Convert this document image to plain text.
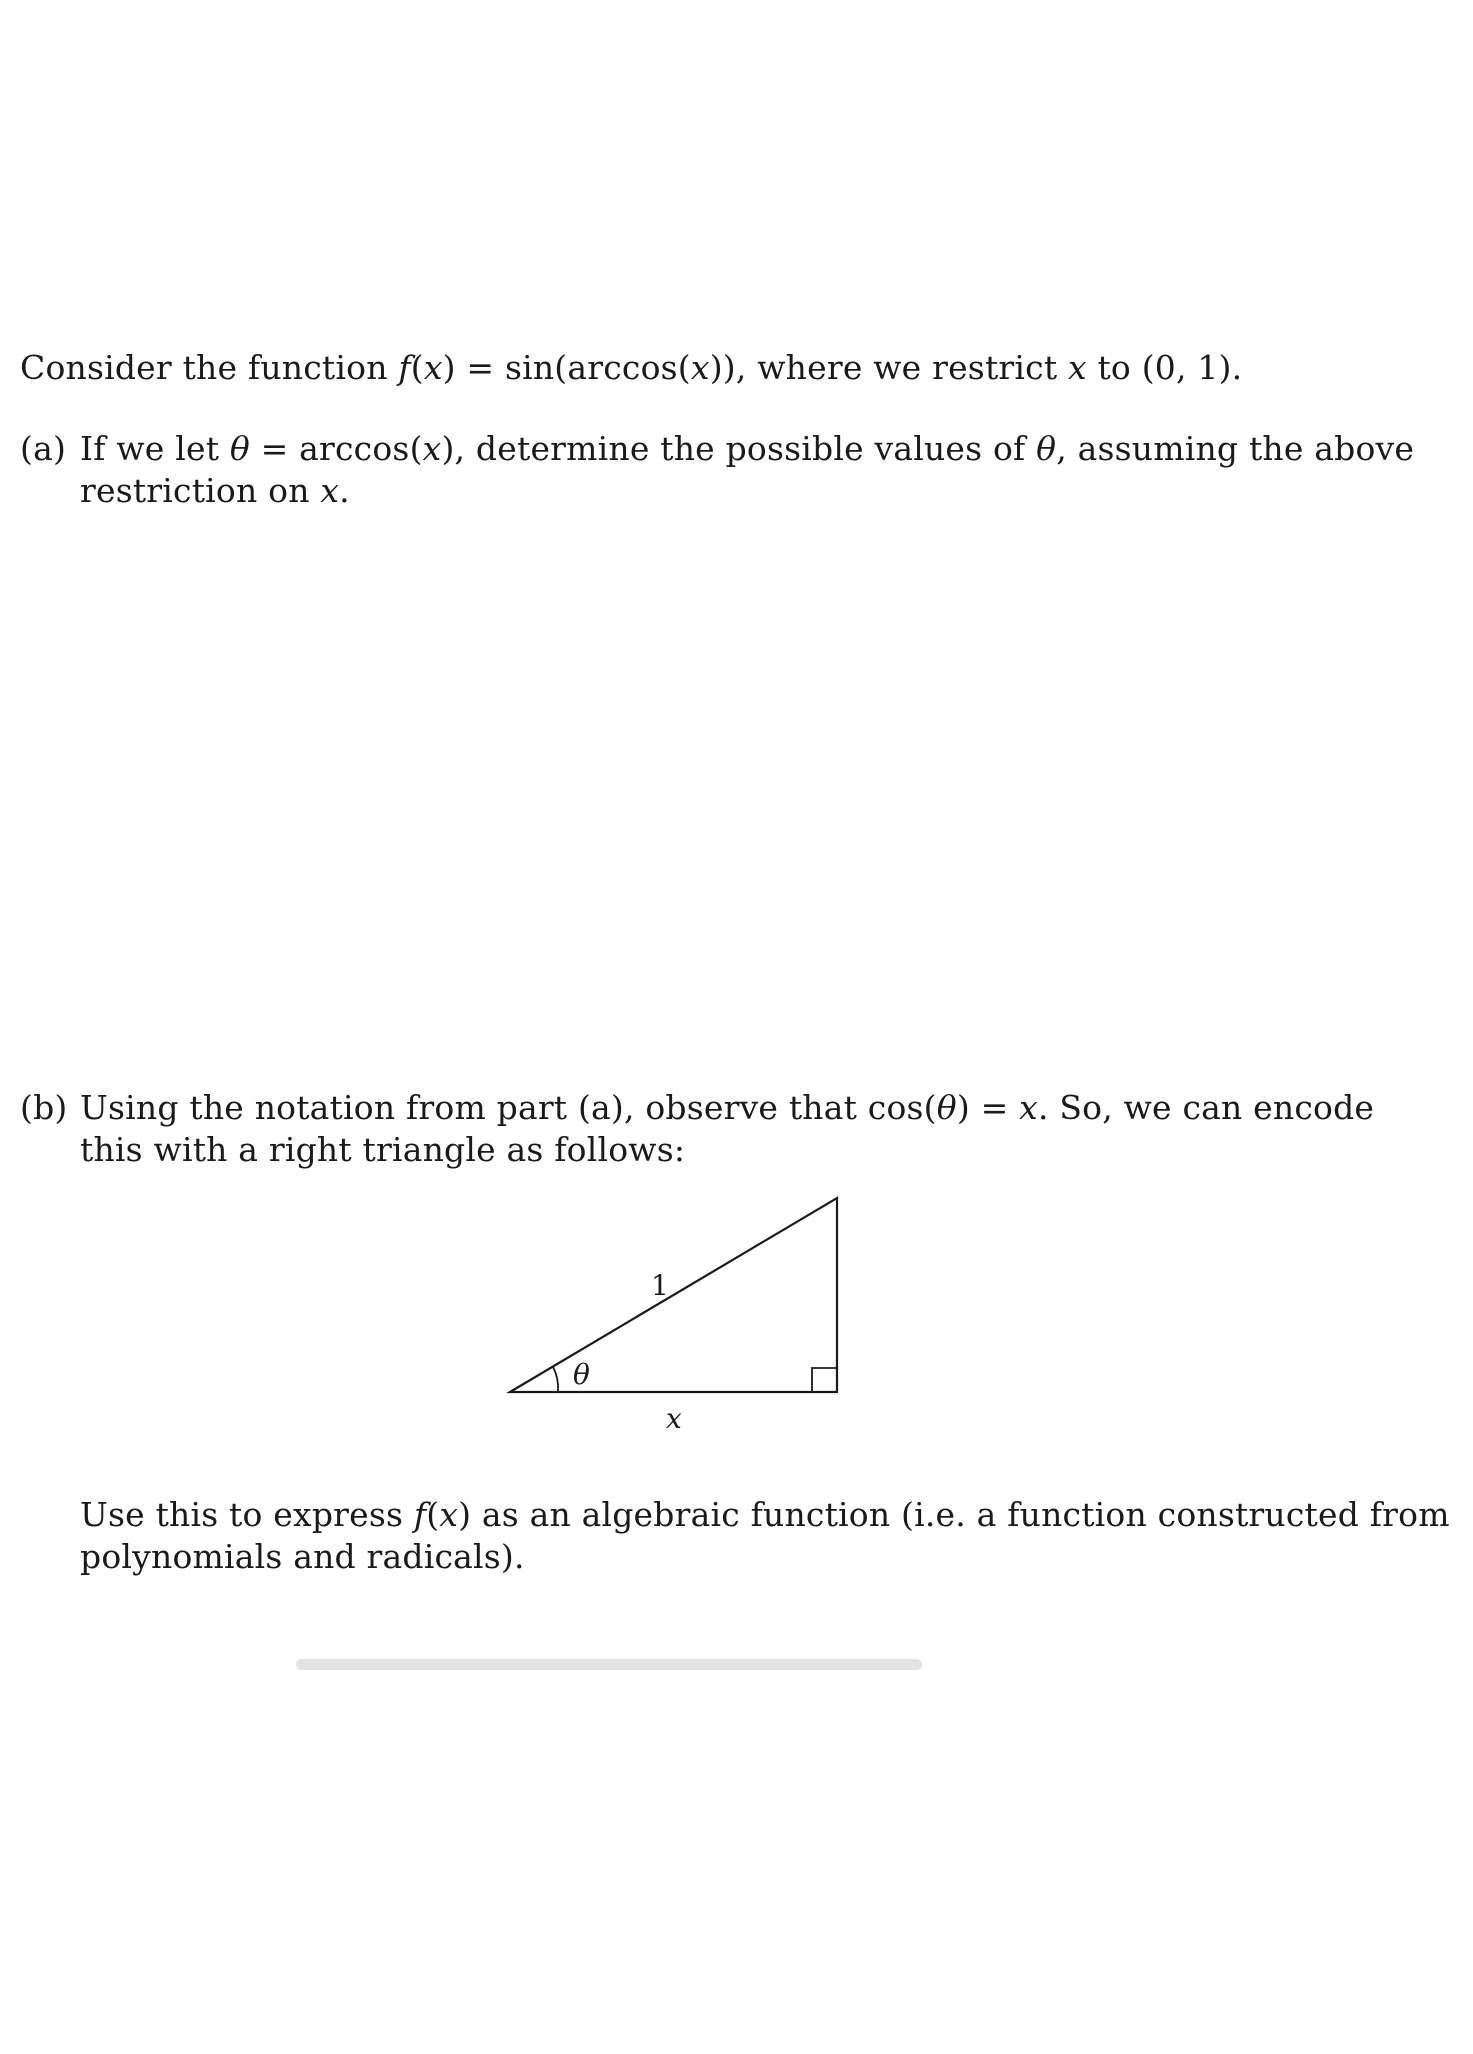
Consider the function f(x) = sin(arccos(x)), where we restrict x to (0, 1).
(a) If we let θ = arccos(x), determine the possible values of θ, assuming the above
restriction on x.
(b) Using the notation from part (a), observe that cos(θ) = x. So, we can encode
this with a right triangle as follows:
1
θ
x
Use this to express f(x) as an algebraic function (i.e. a function constructed from
polynomials and radicals).
